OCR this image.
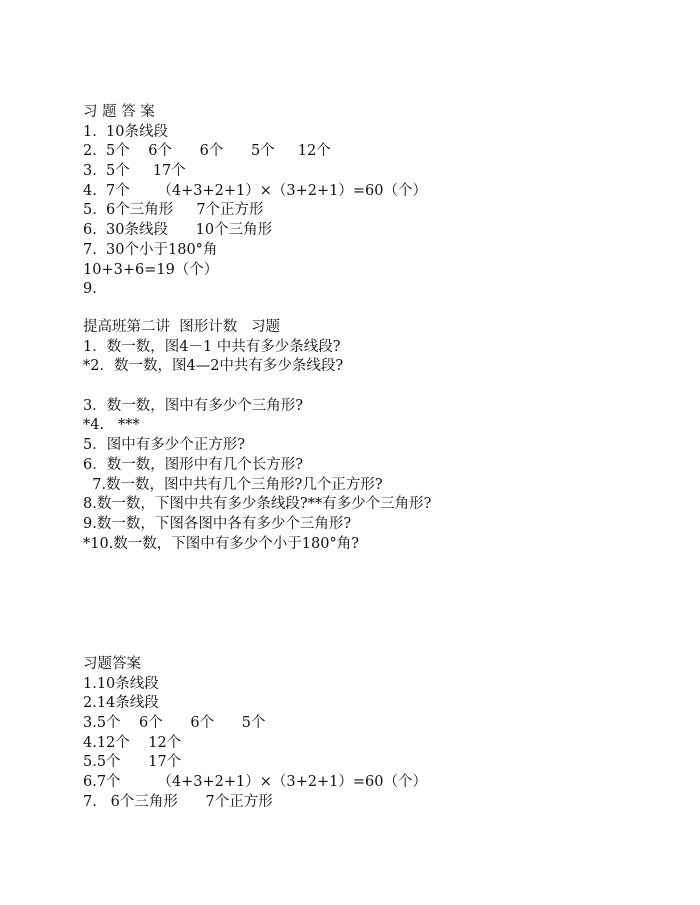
习 题 答 案
1.  10条线段
2.  5个    6个      6个      5个     12个
3.  5个     17个
4.  7个      （4+3+2+1）×（3+2+1）=60（个）
5.  6个三角形     7个正方形
6.  30条线段      10个三角形
7.  30个小于180°角
10+3+6=19（个）
9.
提高班第二讲  图形计数   习题
1．数一数，图4－1 中共有多少条线段?
*2．数一数，图4—2中共有多少条线段?
3．数一数，图中有多少个三角形?
*4.   ***
5．图中有多少个正方形?
6．数一数，图形中有几个长方形?
7.数一数，图中共有几个三角形?几个正方形?
8.数一数，下图中共有多少条线段?**有多少个三角形?
9.数一数，下图各图中各有多少个三角形?
*10.数一数，下图中有多少个小于180°角?
习题答案
1.10条线段
2.14条线段
3.5个    6个      6个      5个
4.12个    12个
5.5个      17个
6.7个        （4+3+2+1）×（3+2+1）=60（个）
7.   6个三角形      7个正方形
